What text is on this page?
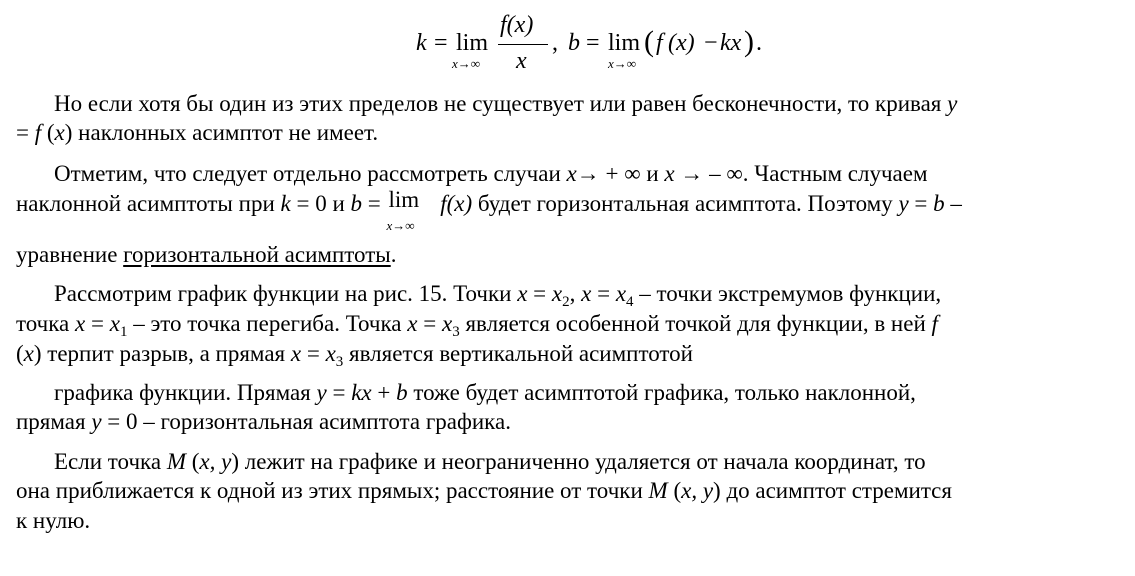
k = lim
x→∞
f(x)
x
, b = lim
x→∞
( f (x) − kx ) .
Но если хотя бы один из этих пределов не существует или равен бесконечности, то кривая y
= f (x) наклонных асимптот не имеет.
Отметим, что следует отдельно рассмотреть случаи x→ + ∞ и x → – ∞. Частным случаем
наклонной асимптоты при k = 0 и b = lim
x→∞
f(x) будет горизонтальная асимптота. Поэтому y = b –
уравнение горизонтальной асимптоты.
Рассмотрим график функции на рис. 15. Точки $x = x_2$, $x = x_4$ – точки экстремумов функции,
точка $x = x_1$ – это точка перегиба. Точка $x = x_3$ является особенной точкой для функции, в ней f
(x) терпит разрыв, а прямая $x = x_3$ является вертикальной асимптотой
графика функции. Прямая y = kx + b тоже будет асимптотой графика, только наклонной,
прямая y = 0 – горизонтальная асимптота графика.
Если точка M (x, y) лежит на графике и неограниченно удаляется от начала координат, то
она приближается к одной из этих прямых; расстояние от точки M (x, y) до асимптот стремится
к нулю.
